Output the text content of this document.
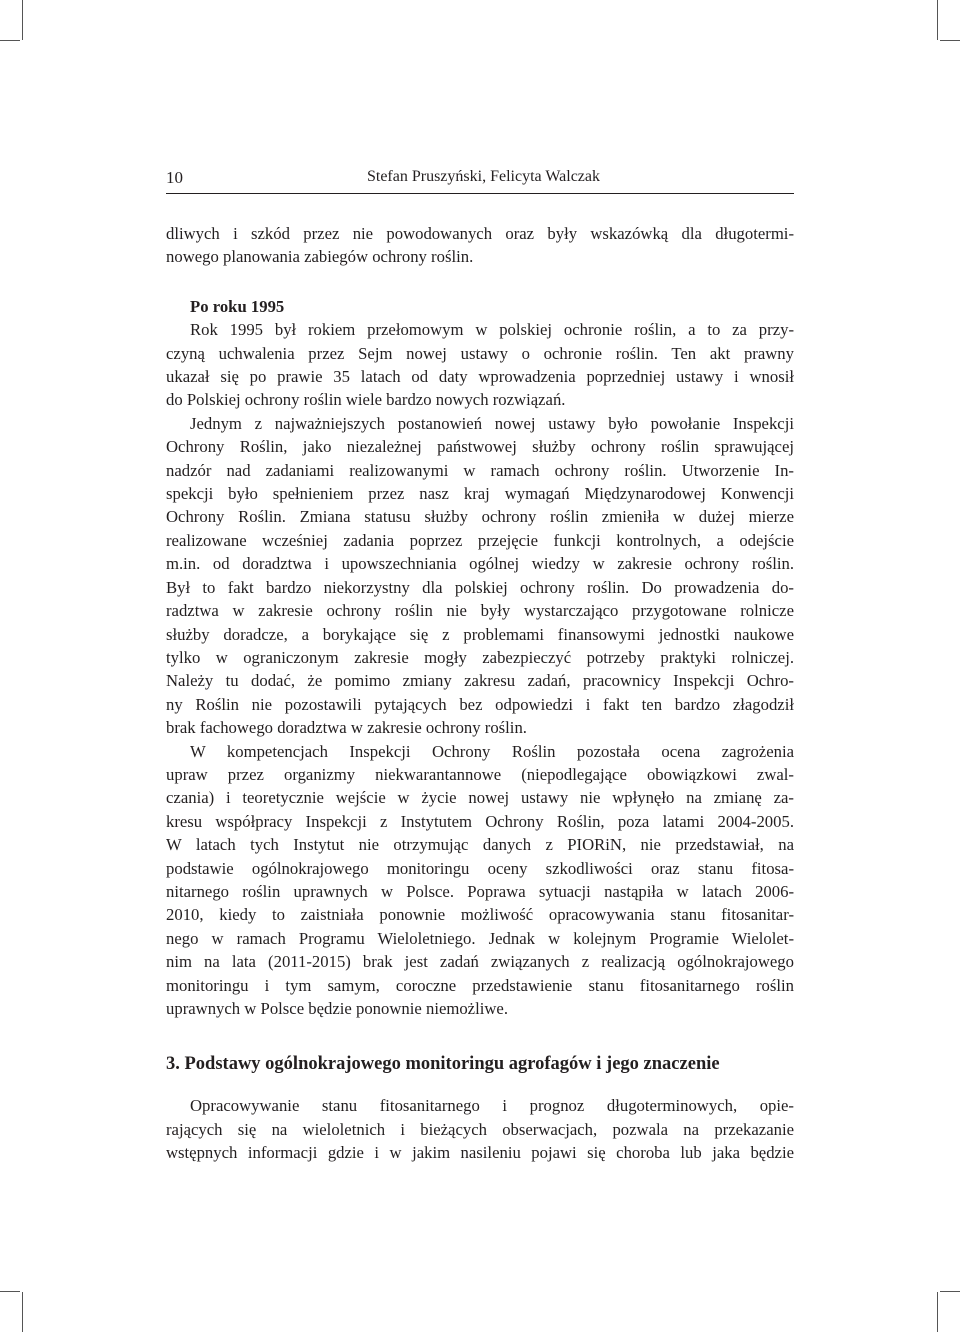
10	Stefan Pruszyński, Felicyta Walczak

dliwych i szkód przez nie powodowanych oraz były wskazówką dla długotermi-

nowego planowania zabiegów ochrony roślin.

Po roku 1995

Rok 1995 był rokiem przełomowym w polskiej ochronie roślin, a to za przy-

czyną uchwalenia przez Sejm nowej ustawy o ochronie roślin. Ten akt prawny

ukazał się po prawie 35 latach od daty wprowadzenia poprzedniej ustawy i wnosił

do Polskiej ochrony roślin wiele bardzo nowych rozwiązań.

Jednym z najważniejszych postanowień nowej ustawy było powołanie Inspekcji

Ochrony Roślin, jako niezależnej państwowej służby ochrony roślin sprawującej

nadzór nad zadaniami realizowanymi w ramach ochrony roślin. Utworzenie In-

spekcji było spełnieniem przez nasz kraj wymagań Międzynarodowej Konwencji

Ochrony Roślin. Zmiana statusu służby ochrony roślin zmieniła w dużej mierze

realizowane wcześniej zadania poprzez przejęcie funkcji kontrolnych, a odejście

m.in. od doradztwa i upowszechniania ogólnej wiedzy w zakresie ochrony roślin.

Był to fakt bardzo niekorzystny dla polskiej ochrony roślin. Do prowadzenia do-

radztwa w zakresie ochrony roślin nie były wystarczająco przygotowane rolnicze

służby doradcze, a borykające się z problemami finansowymi jednostki naukowe

tylko w ograniczonym zakresie mogły zabezpieczyć potrzeby praktyki rolniczej.

Należy tu dodać, że pomimo zmiany zakresu zadań, pracownicy Inspekcji Ochro-

ny Roślin nie pozostawili pytających bez odpowiedzi i fakt ten bardzo złagodził

brak fachowego doradztwa w zakresie ochrony roślin.

W kompetencjach Inspekcji Ochrony Roślin pozostała ocena zagrożenia

upraw przez organizmy niekwarantannowe (niepodlegające obowiązkowi zwal-

czania) i teoretycznie wejście w życie nowej ustawy nie wpłynęło na zmianę za-

kresu współpracy Inspekcji z Instytutem Ochrony Roślin, poza latami 2004-2005.

W latach tych Instytut nie otrzymując danych z PIORiN, nie przedstawiał, na

podstawie ogólnokrajowego monitoringu oceny szkodliwości oraz stanu fitosa-

nitarnego roślin uprawnych w Polsce. Poprawa sytuacji nastąpiła w latach 2006-

2010, kiedy to zaistniała ponownie możliwość opracowywania stanu fitosanitar-

nego w ramach Programu Wieloletniego. Jednak w kolejnym Programie Wielolet-

nim na lata (2011-2015) brak jest zadań związanych z realizacją ogólnokrajowego

monitoringu i tym samym, coroczne przedstawienie stanu fitosanitarnego roślin

uprawnych w Polsce będzie ponownie niemożliwe.

3. Podstawy ogólnokrajowego monitoringu agrofagów i jego znaczenie

Opracowywanie stanu fitosanitarnego i prognoz długoterminowych, opie-

rających się na wieloletnich i bieżących obserwacjach, pozwala na przekazanie

wstępnych informacji gdzie i w jakim nasileniu pojawi się choroba lub jaka będzie
